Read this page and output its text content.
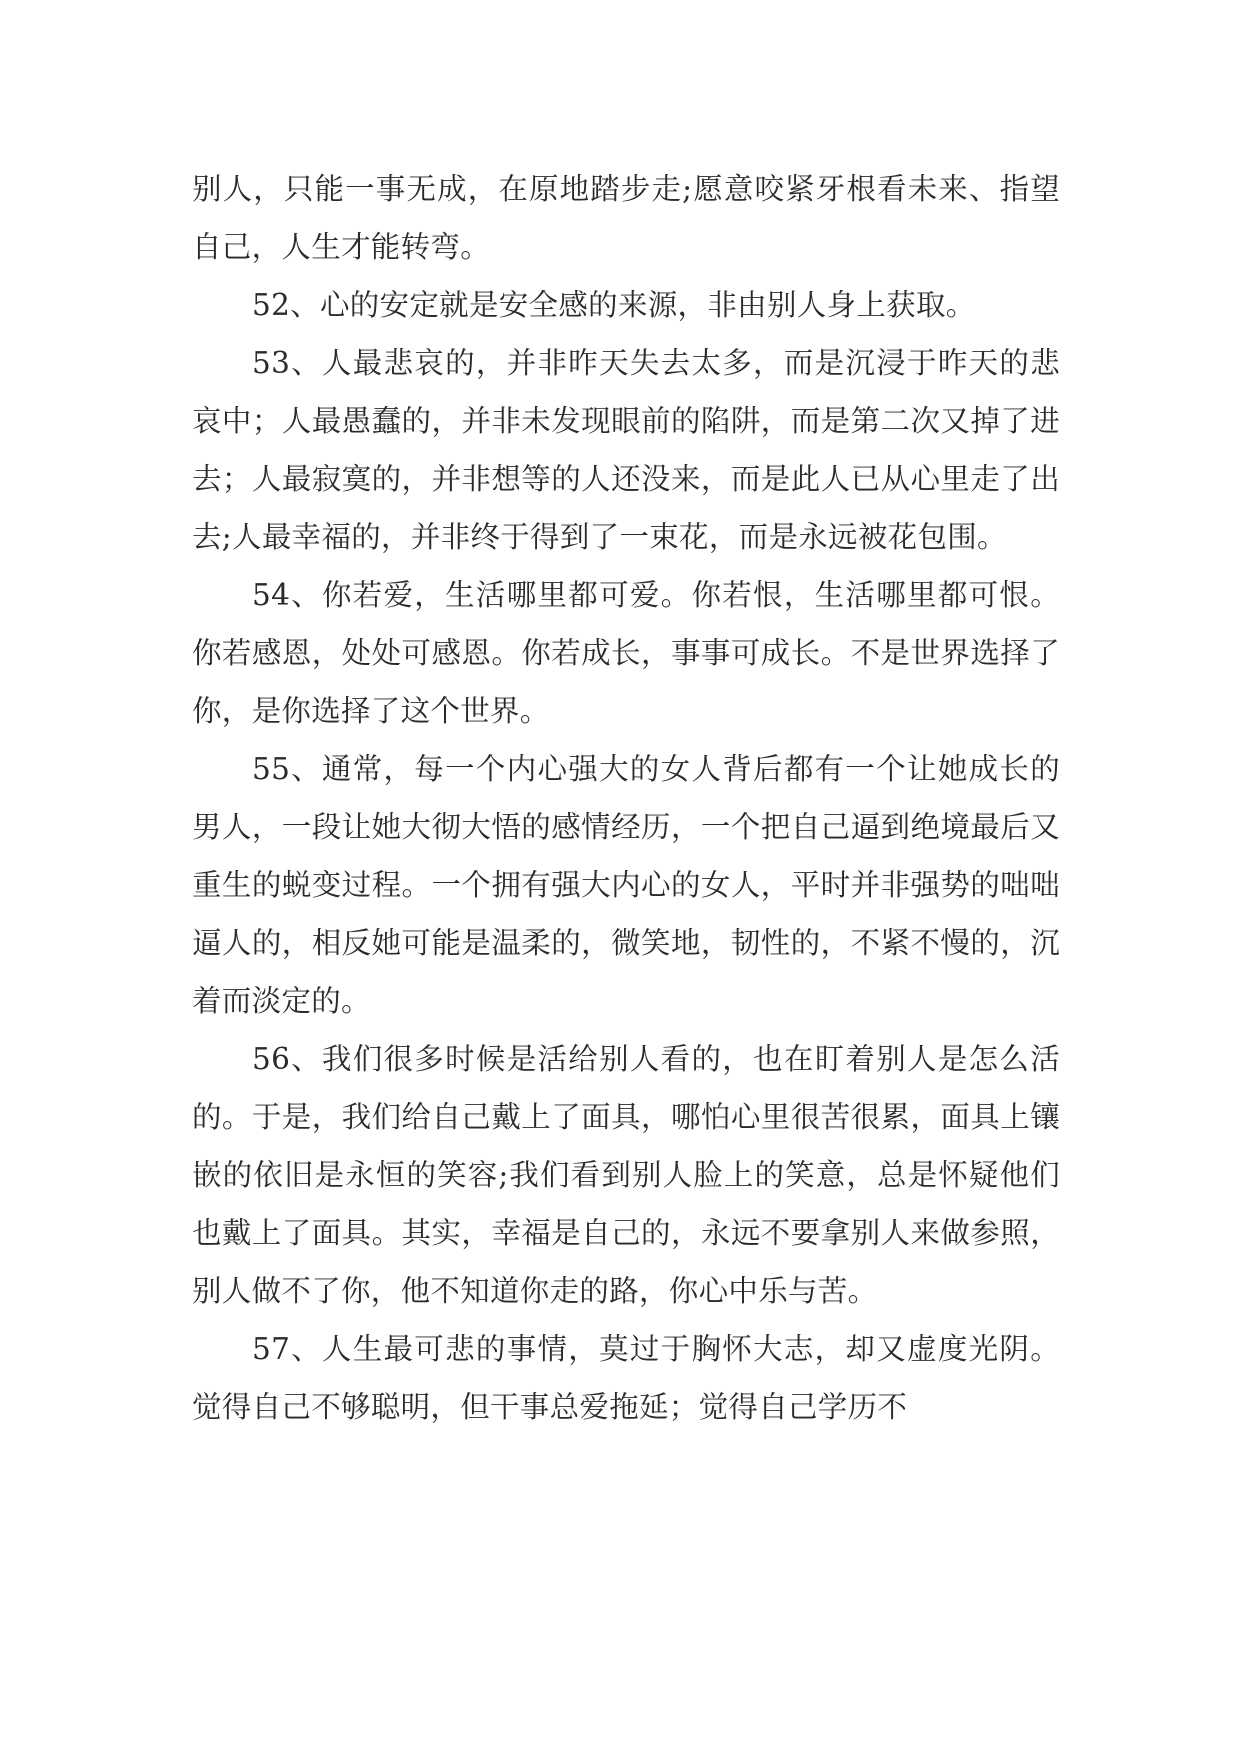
别人，只能一事无成，在原地踏步走;愿意咬紧牙根看未来、指望自己，人生才能转弯。

52、心的安定就是安全感的来源，非由别人身上获取。

53、人最悲哀的，并非昨天失去太多，而是沉浸于昨天的悲哀中；人最愚蠢的，并非未发现眼前的陷阱，而是第二次又掉了进去；人最寂寞的，并非想等的人还没来，而是此人已从心里走了出去;人最幸福的，并非终于得到了一束花，而是永远被花包围。

54、你若爱，生活哪里都可爱。你若恨，生活哪里都可恨。你若感恩，处处可感恩。你若成长，事事可成长。不是世界选择了你，是你选择了这个世界。

55、通常，每一个内心强大的女人背后都有一个让她成长的男人，一段让她大彻大悟的感情经历，一个把自己逼到绝境最后又重生的蜕变过程。一个拥有强大内心的女人，平时并非强势的咄咄逼人的，相反她可能是温柔的，微笑地，韧性的，不紧不慢的，沉着而淡定的。

56、我们很多时候是活给别人看的，也在盯着别人是怎么活的。于是，我们给自己戴上了面具，哪怕心里很苦很累，面具上镶嵌的依旧是永恒的笑容;我们看到别人脸上的笑意，总是怀疑他们也戴上了面具。其实，幸福是自己的，永远不要拿别人来做参照，别人做不了你，他不知道你走的路，你心中乐与苦。

57、人生最可悲的事情，莫过于胸怀大志，却又虚度光阴。觉得自己不够聪明，但干事总爱拖延；觉得自己学历不
